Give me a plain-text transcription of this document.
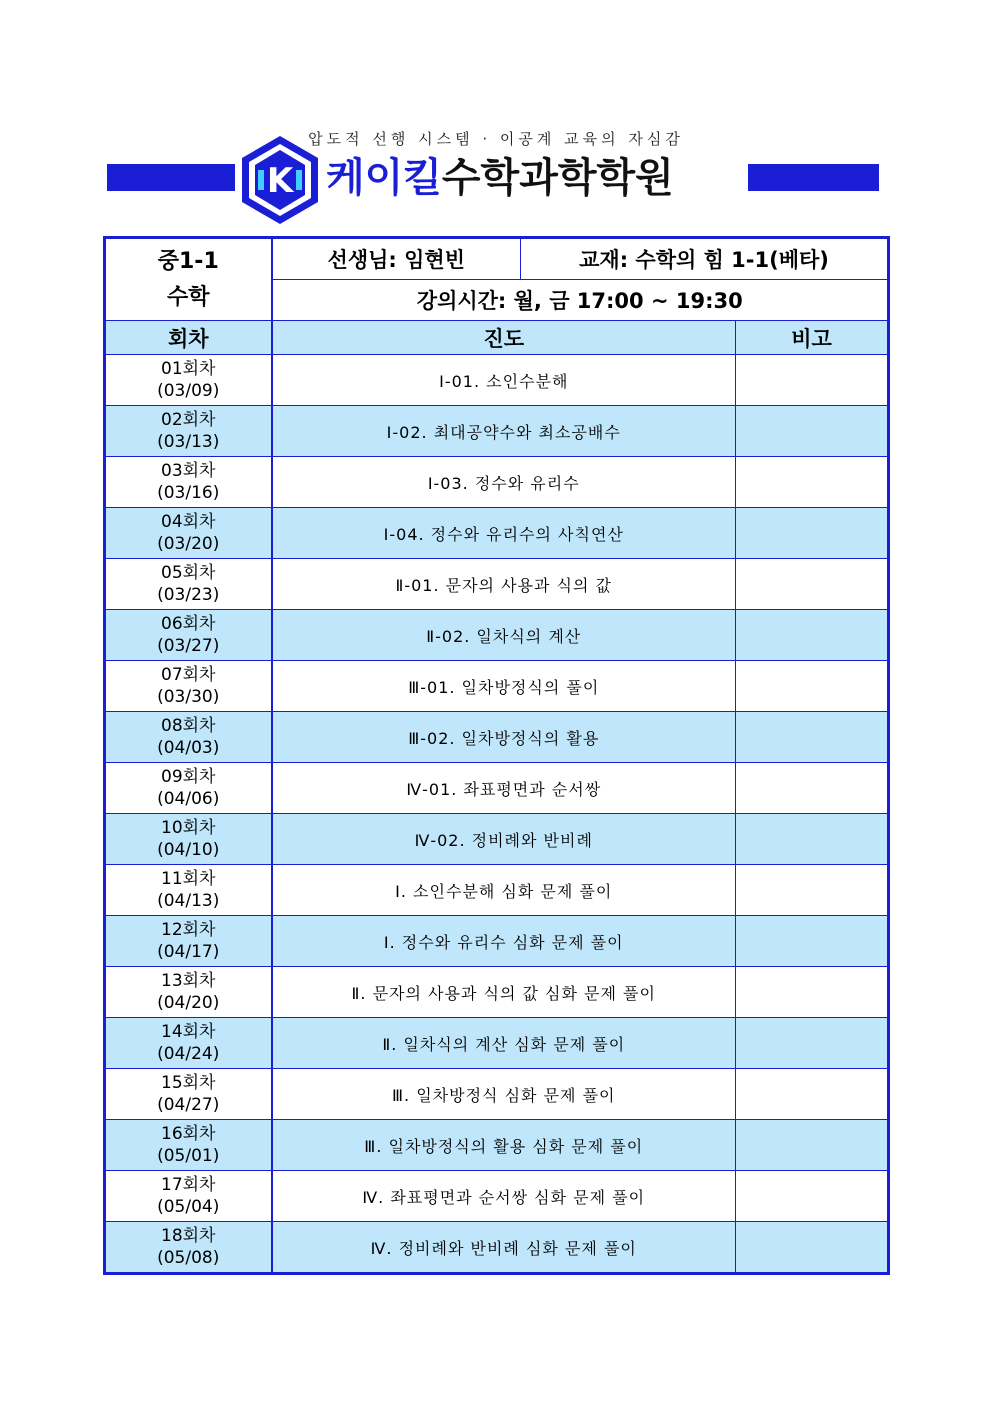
압도적 선행 시스템 · 이공계 교육의 자심감
K 케이킬수학과학학원
중1-1
수학	선생님: 임현빈	교재: 수학의 힘 1-1(베타)	
	강의시간: 월, 금 17:00 ~ 19:30		
회차	진도		비고

01회차
(03/09)	Ⅰ-01. 소인수분해		

02회차
(03/13)	Ⅰ-02. 최대공약수와 최소공배수		

03회차
(03/16)	Ⅰ-03. 정수와 유리수		

04회차
(03/20)	Ⅰ-04. 정수와 유리수의 사칙연산		

05회차
(03/23)	Ⅱ-01. 문자의 사용과 식의 값		

06회차
(03/27)	Ⅱ-02. 일차식의 계산		

07회차
(03/30)	Ⅲ-01. 일차방정식의 풀이		

08회차
(04/03)	Ⅲ-02. 일차방정식의 활용		

09회차
(04/06)	Ⅳ-01. 좌표평면과 순서쌍		

10회차
(04/10)	Ⅳ-02. 정비례와 반비례		

11회차
(04/13)	Ⅰ. 소인수분해 심화 문제 풀이		

12회차
(04/17)	Ⅰ. 정수와 유리수 심화 문제 풀이		

13회차
(04/20)	Ⅱ. 문자의 사용과 식의 값 심화 문제 풀이		

14회차
(04/24)	Ⅱ. 일차식의 계산 심화 문제 풀이		

15회차
(04/27)	Ⅲ. 일차방정식 심화 문제 풀이		

16회차
(05/01)	Ⅲ. 일차방정식의 활용 심화 문제 풀이		

17회차
(05/04)	Ⅳ. 좌표평면과 순서쌍 심화 문제 풀이		

18회차
(05/08)	Ⅳ. 정비례와 반비례 심화 문제 풀이		
